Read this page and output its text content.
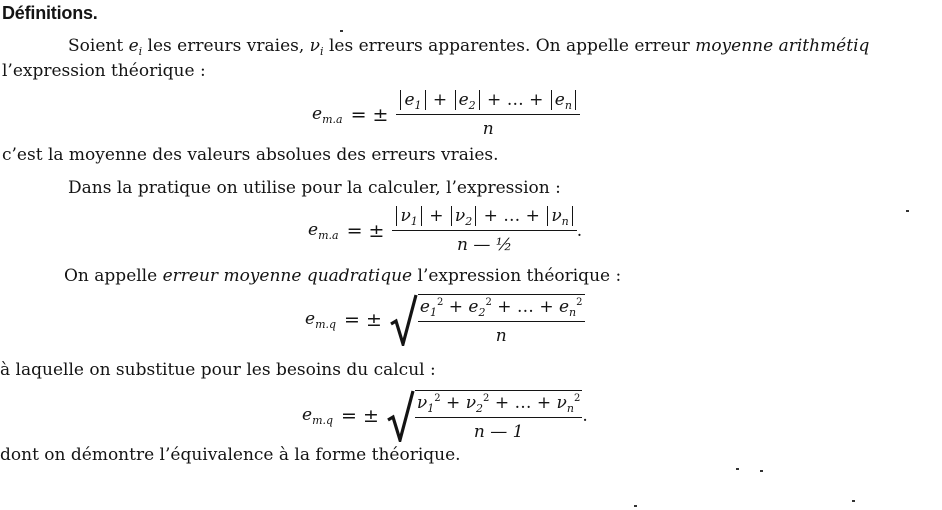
Définitions.
Soient $e_i$ les erreurs vraies, $\nu_i$ les erreurs apparentes. On appelle erreur moyenne arithmétiq
l’expression théorique :
$e_{m.a}$ = ± $\frac{e_1 + e_2 + \dots + e_n}{n}$
c’est la moyenne des valeurs absolues des erreurs vraies.
Dans la pratique on utilise pour la calculer, l’expression :
$e_{m.a}$ = ± $\frac{\nu_1 + \nu_2 + \dots + \nu_n}{\text{n — ½}}$ .
On appelle erreur moyenne quadratique l’expression théorique :
$e_{m.q}$ = ±
$e_1^2 + e_2^2$ + … + $e_n^2$
n
à laquelle on substitue pour les besoins du calcul :
$e_{m.q}$ = ±
$\nu_1^2 + \nu_2^2$ + … + $\nu_n^2$
n — 1
.
dont on démontre l’équivalence à la forme théorique.
